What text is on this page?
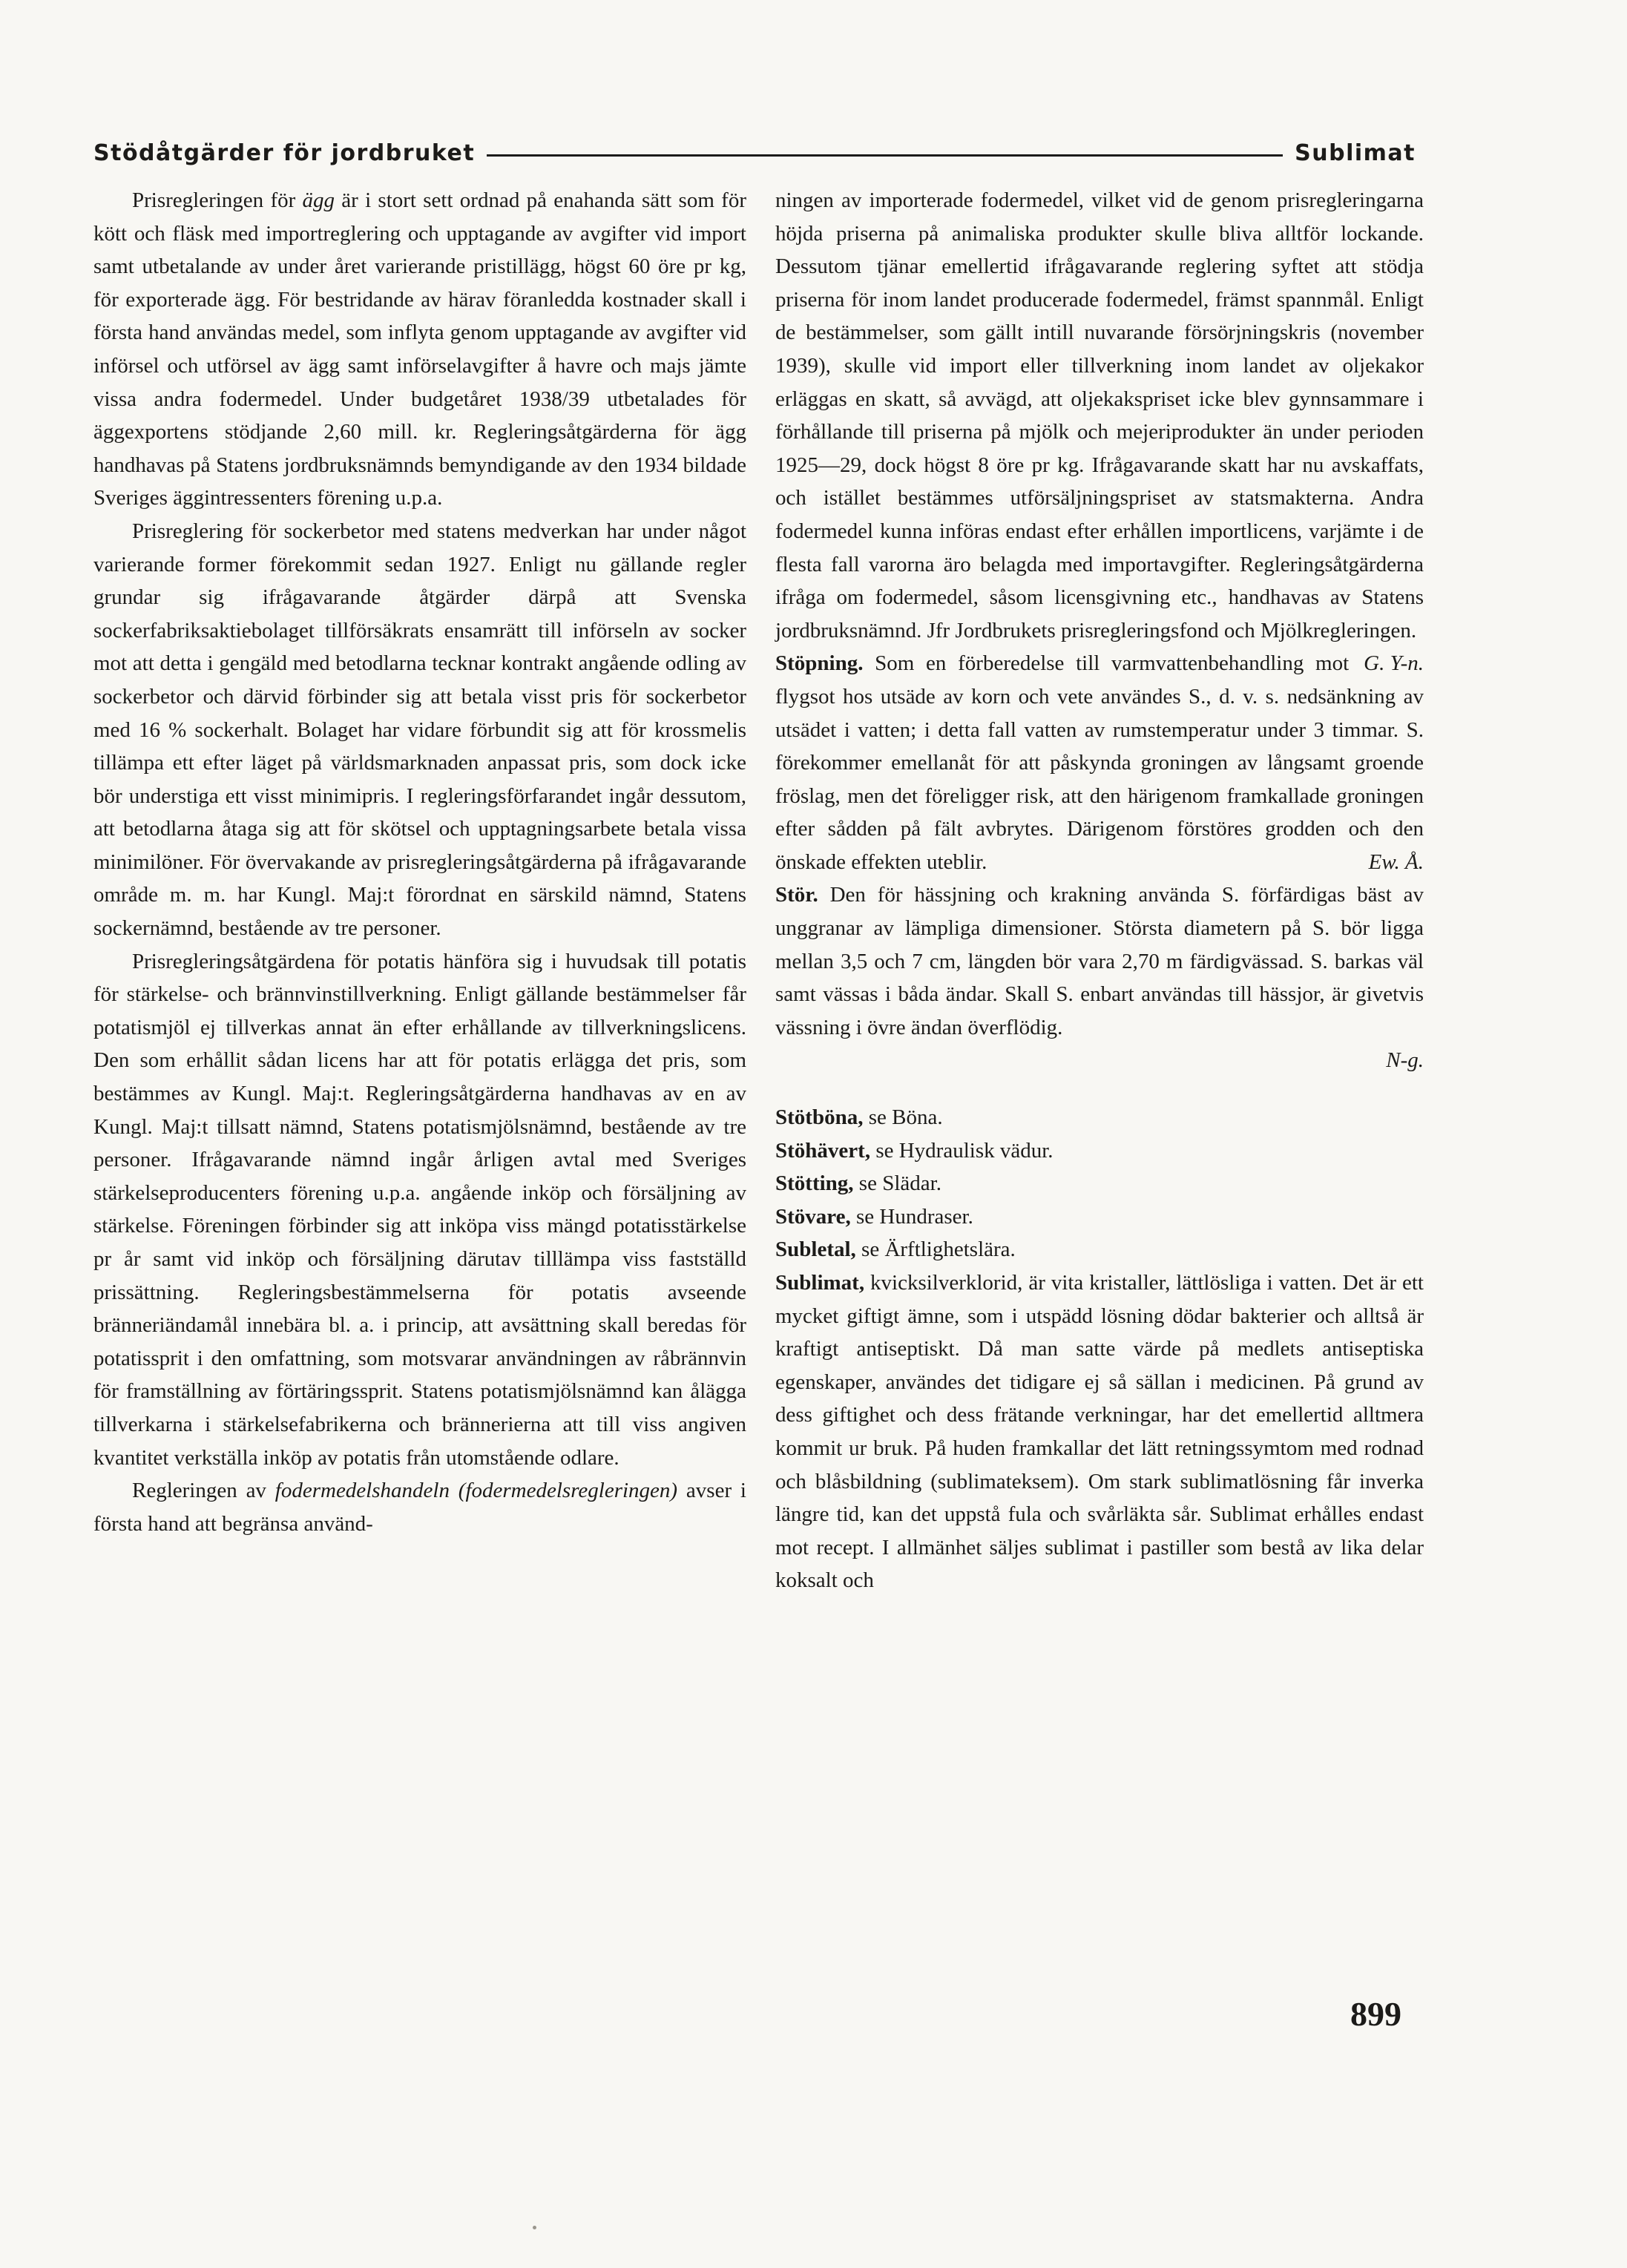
Stödåtgärder för jordbruket	Sublimat

Prisregleringen för ägg är i stort sett ordnad på enahanda sätt som för kött och fläsk med importreglering och upptagande av avgifter vid import samt utbetalande av under året varierande pristillägg, högst 60 öre pr kg, för exporterade ägg. För bestridande av härav föranledda kostnader skall i första hand användas medel, som inflyta genom upptagande av avgifter vid införsel och utförsel av ägg samt införselavgifter å havre och majs jämte vissa andra fodermedel. Under budgetåret 1938/39 utbetalades för äggexportens stödjande 2,60 mill. kr. Regleringsåtgärderna för ägg handhavas på Statens jordbruksnämnds bemyndigande av den 1934 bildade Sveriges äggintressenters förening u.p.a.

Prisreglering för sockerbetor med statens medverkan har under något varierande former förekommit sedan 1927. Enligt nu gällande regler grundar sig ifrågavarande åtgärder därpå att Svenska sockerfabriksaktiebolaget tillförsäkrats ensamrätt till införseln av socker mot att detta i gengäld med betodlarna tecknar kontrakt angående odling av sockerbetor och därvid förbinder sig att betala visst pris för sockerbetor med 16 % sockerhalt. Bolaget har vidare förbundit sig att för krossmelis tillämpa ett efter läget på världsmarknaden anpassat pris, som dock icke bör understiga ett visst minimipris. I regleringsförfarandet ingår dessutom, att betodlarna åtaga sig att för skötsel och upptagningsarbete betala vissa minimilöner. För övervakande av prisregleringsåtgärderna på ifrågavarande område m. m. har Kungl. Maj:t förordnat en särskild nämnd, Statens sockernämnd, bestående av tre personer.

Prisregleringsåtgärdena för potatis hänföra sig i huvudsak till potatis för stärkelse- och brännvinstillverkning. Enligt gällande bestämmelser får potatismjöl ej tillverkas annat än efter erhållande av tillverkningslicens. Den som erhållit sådan licens har att för potatis erlägga det pris, som bestämmes av Kungl. Maj:t. Regleringsåtgärderna handhavas av en av Kungl. Maj:t tillsatt nämnd, Statens potatismjölsnämnd, bestående av tre personer. Ifrågavarande nämnd ingår årligen avtal med Sveriges stärkelseproducenters förening u.p.a. angående inköp och försäljning av stärkelse. Föreningen förbinder sig att inköpa viss mängd potatisstärkelse pr år samt vid inköp och försäljning därutav tilllämpa viss fastställd prissättning. Regleringsbestämmelserna för potatis avseende bränneriändamål innebära bl. a. i princip, att avsättning skall beredas för potatissprit i den omfattning, som motsvarar användningen av råbrännvin för framställning av förtäringssprit. Statens potatismjölsnämnd kan ålägga tillverkarna i stärkelsefabrikerna och brännerierna att till viss angiven kvantitet verkställa inköp av potatis från utomstående odlare.

Regleringen av fodermedelshandeln (fodermedelsregleringen) avser i första hand att begränsa använd-

ningen av importerade fodermedel, vilket vid de genom prisregleringarna höjda priserna på animaliska produkter skulle bliva alltför lockande. Dessutom tjänar emellertid ifrågavarande reglering syftet att stödja priserna för inom landet producerade fodermedel, främst spannmål. Enligt de bestämmelser, som gällt intill nuvarande försörjningskris (november 1939), skulle vid import eller tillverkning inom landet av oljekakor erläggas en skatt, så avvägd, att oljekakspriset icke blev gynnsammare i förhållande till priserna på mjölk och mejeriprodukter än under perioden 1925—29, dock högst 8 öre pr kg. Ifrågavarande skatt har nu avskaffats, och istället bestämmes utförsäljningspriset av statsmakterna. Andra fodermedel kunna införas endast efter erhållen importlicens, varjämte i de flesta fall varorna äro belagda med importavgifter. Regleringsåtgärderna ifråga om fodermedel, såsom licensgivning etc., handhavas av Statens jordbruksnämnd. Jfr Jordbrukets prisregleringsfond och Mjölkregleringen.
G. Y-n.

Stöpning. Som en förberedelse till varmvattenbehandling mot flygsot hos utsäde av korn och vete användes S., d. v. s. nedsänkning av utsädet i vatten; i detta fall vatten av rumstemperatur under 3 timmar. S. förekommer emellanåt för att påskynda groningen av långsamt groende fröslag, men det föreligger risk, att den härigenom framkallade groningen efter sådden på fält avbrytes. Därigenom förstöres grodden och den önskade effekten uteblir.	Ew. Å.

Stör. Den för hässjning och krakning använda S. förfärdigas bäst av unggranar av lämpliga dimensioner. Största diametern på S. bör ligga mellan 3,5 och 7 cm, längden bör vara 2,70 m färdigvässad. S. barkas väl samt vässas i båda ändar. Skall S. enbart användas till hässjor, är givetvis vässning i övre ändan överflödig.

N-g.

Stötböna, se Böna.

Stöhävert, se Hydraulisk vädur.

Stötting, se Slädar.

Stövare, se Hundraser.

Subletal, se Ärftlighetslära.

Sublimat, kvicksilverklorid, är vita kristaller, lättlösliga i vatten. Det är ett mycket giftigt ämne, som i utspädd lösning dödar bakterier och alltså är kraftigt antiseptiskt. Då man satte värde på medlets antiseptiska egenskaper, användes det tidigare ej så sällan i medicinen. På grund av dess giftighet och dess frätande verkningar, har det emellertid alltmera kommit ur bruk. På huden framkallar det lätt retningssymtom med rodnad och blåsbildning (sublimateksem). Om stark sublimatlösning får inverka längre tid, kan det uppstå fula och svårläkta sår. Sublimat erhålles endast mot recept. I allmänhet säljes sublimat i pastiller som bestå av lika delar koksalt och

899
